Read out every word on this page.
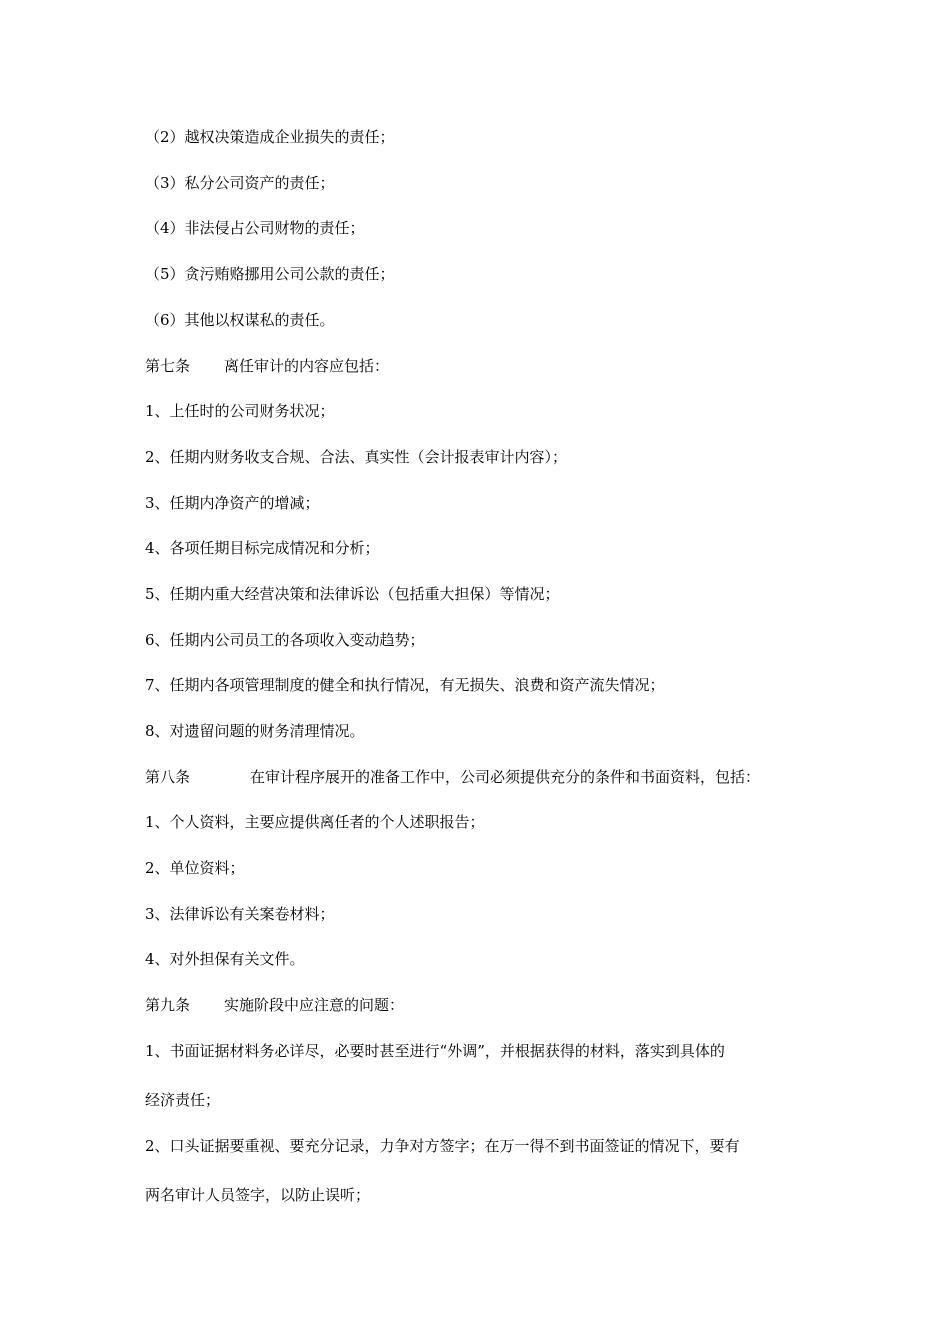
（2）越权决策造成企业损失的责任；
（3）私分公司资产的责任；
（4）非法侵占公司财物的责任；
（5）贪污贿赂挪用公司公款的责任；
（6）其他以权谋私的责任。
第七条 离任审计的内容应包括：
1、上任时的公司财务状况；
2、任期内财务收支合规、合法、真实性（会计报表审计内容）；
3、任期内净资产的增减；
4、各项任期目标完成情况和分析；
5、任期内重大经营决策和法律诉讼（包括重大担保）等情况；
6、任期内公司员工的各项收入变动趋势；
7、任期内各项管理制度的健全和执行情况，有无损失、浪费和资产流失情况；
8、对遗留问题的财务清理情况。
第八条	在审计程序展开的准备工作中，公司必须提供充分的条件和书面资料，包括：
1、个人资料，主要应提供离任者的个人述职报告；
2、单位资料；
3、法律诉讼有关案卷材料；
4、对外担保有关文件。
第九条 实施阶段中应注意的问题：
1、书面证据材料务必详尽，必要时甚至进行“外调”，并根据获得的材料，落实到具体的
经济责任；
2、口头证据要重视、要充分记录，力争对方签字；在万一得不到书面签证的情况下，要有
两名审计人员签字，以防止误听；
